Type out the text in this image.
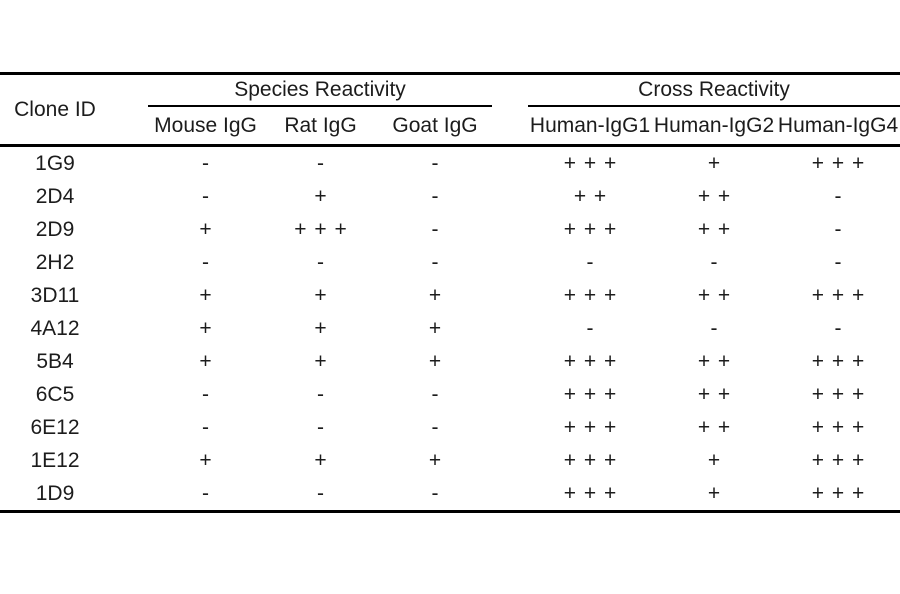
Clone ID		Species Reactivity				Cross Reactivity		
		Mouse IgG	Rat IgG	Goat IgG		Human-IgG1	Human-IgG2	Human-IgG4
1G9		-	-	-		+ + +	+	+ + +
2D4		-	+	-		+ +	+ +	-
2D9		+	+ + +	-		+ + +	+ +	-
2H2		-	-	-		-	-	-
3D11		+	+	+		+ + +	+ +	+ + +
4A12		+	+	+		-	-	-
5B4		+	+	+		+ + +	+ +	+ + +
6C5		-	-	-		+ + +	+ +	+ + +
6E12		-	-	-		+ + +	+ +	+ + +
1E12		+	+	+		+ + +	+	+ + +
1D9		-	-	-		+ + +	+	+ + +
